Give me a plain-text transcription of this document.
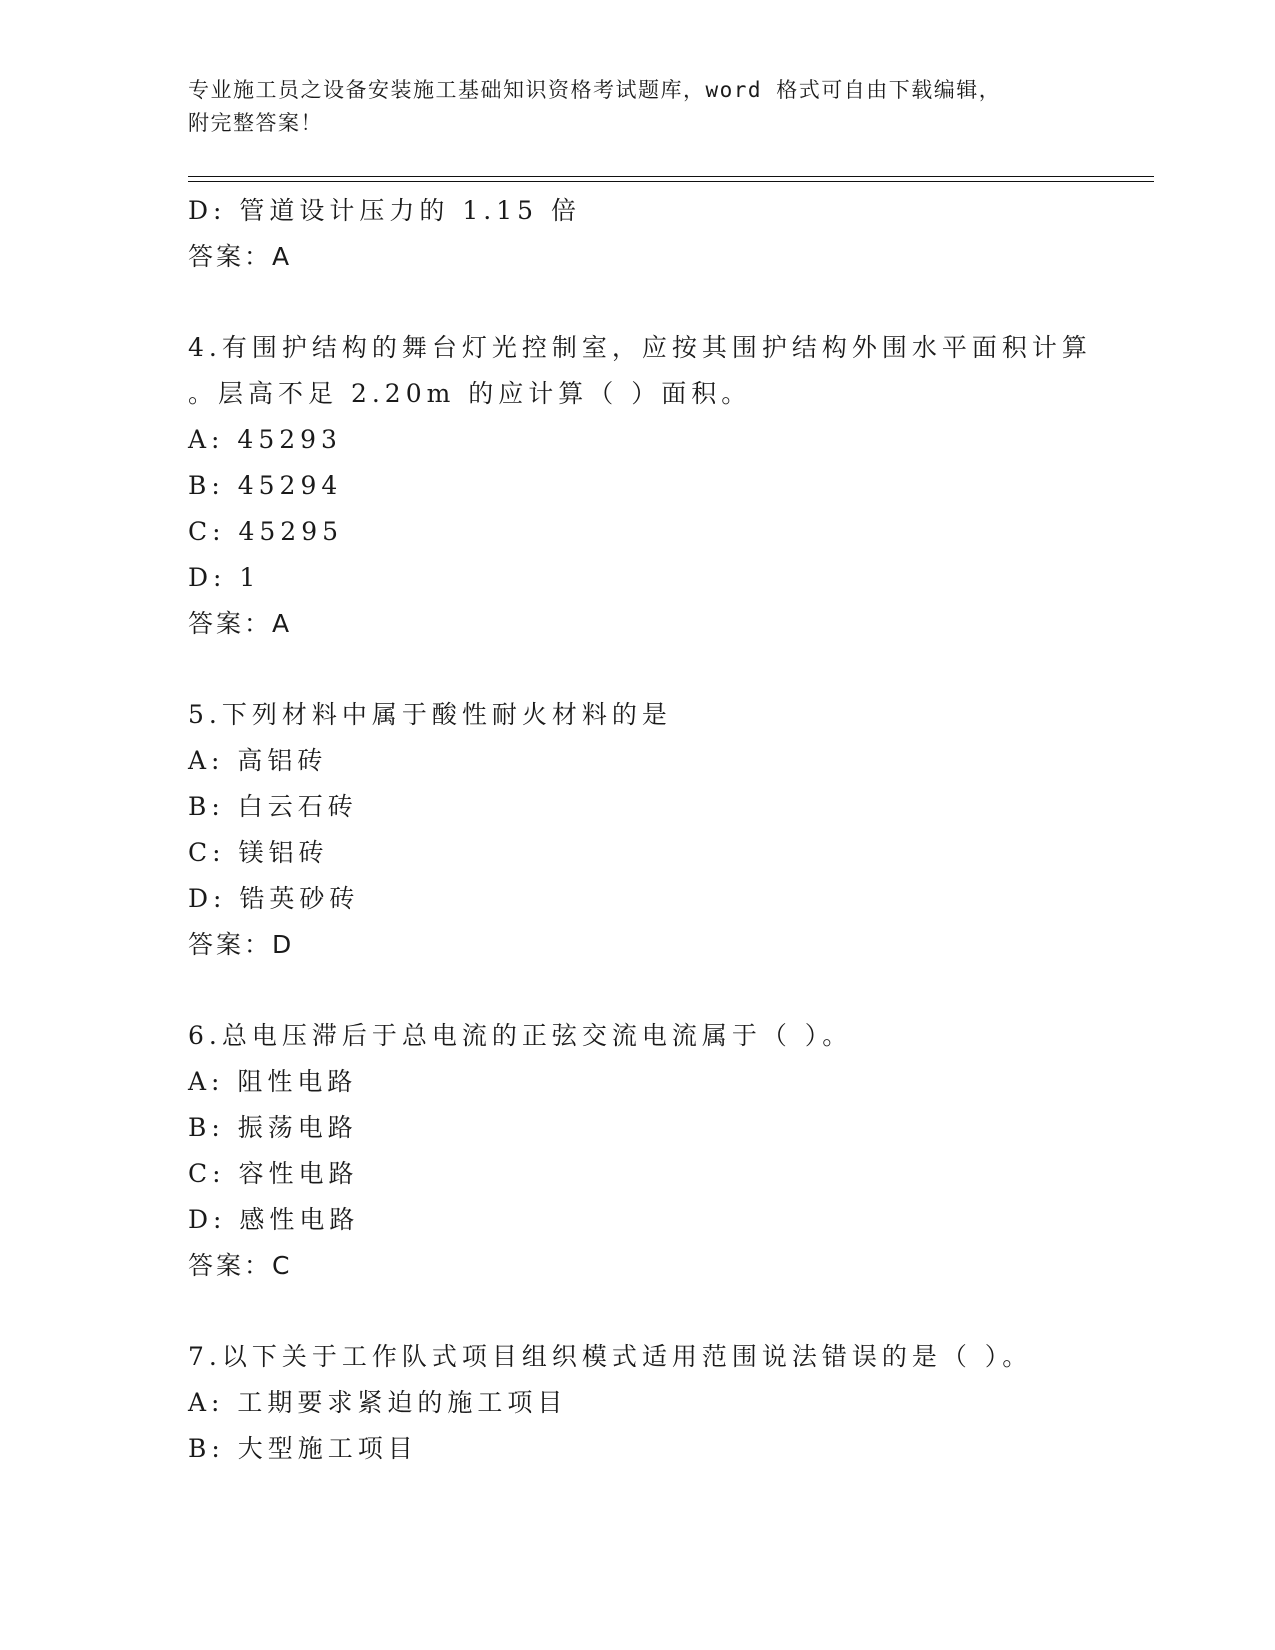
专业施工员之设备安装施工基础知识资格考试题库，word 格式可自由下载编辑，
附完整答案！
D: 管道设计压力的 1.15 倍
答案：A
4.有围护结构的舞台灯光控制室，应按其围护结构外围水平面积计算
。层高不足 2.20m 的应计算（ ）面积。
A: 45293
B: 45294
C: 45295
D: 1
答案：A
5.下列材料中属于酸性耐火材料的是
A: 高铝砖
B: 白云石砖
C: 镁铝砖
D: 锆英砂砖
答案：D
6.总电压滞后于总电流的正弦交流电流属于（ ）。
A: 阻性电路
B: 振荡电路
C: 容性电路
D: 感性电路
答案：C
7.以下关于工作队式项目组织模式适用范围说法错误的是（ ）。
A: 工期要求紧迫的施工项目
B: 大型施工项目
